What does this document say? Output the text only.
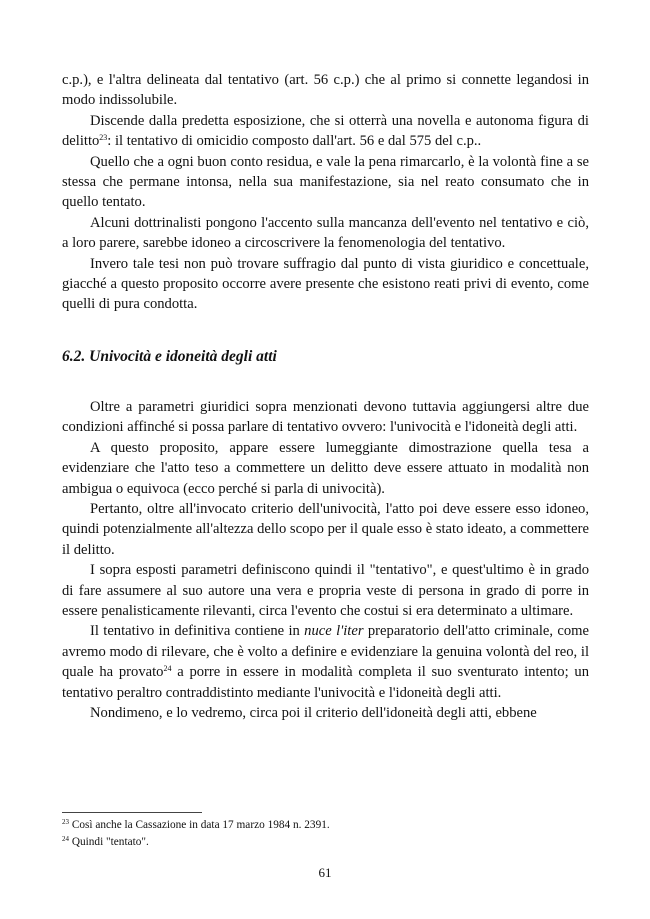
c.p.), e l'altra delineata dal tentativo (art. 56 c.p.) che al primo si connette legandosi in modo indissolubile.

Discende dalla predetta esposizione, che si otterrà una novella e autonoma figura di delitto$^{23}$: il tentativo di omicidio composto dall'art. 56 e dal 575 del c.p..

Quello che a ogni buon conto residua, e vale la pena rimarcarlo, è la volontà fine a se stessa che permane intonsa, nella sua manifestazione, sia nel reato consumato che in quello tentato.

Alcuni dottrinalisti pongono l'accento sulla mancanza dell'evento nel tentativo e ciò, a loro parere, sarebbe idoneo a circoscrivere la fenomenologia del tentativo.

Invero tale tesi non può trovare suffragio dal punto di vista giuridico e concettuale, giacché a questo proposito occorre avere presente che esistono reati privi di evento, come quelli di pura condotta.

6.2. Univocità e idoneità degli atti

Oltre a parametri giuridici sopra menzionati devono tuttavia aggiungersi altre due condizioni affinché si possa parlare di tentativo ovvero: l'univocità e l'idoneità degli atti.

A questo proposito, appare essere lumeggiante dimostrazione quella tesa a evidenziare che l'atto teso a commettere un delitto deve essere attuato in modalità non ambigua o equivoca (ecco perché si parla di univocità).

Pertanto, oltre all'invocato criterio dell'univocità, l'atto poi deve essere esso idoneo, quindi potenzialmente all'altezza dello scopo per il quale esso è stato ideato, a commettere il delitto.

I sopra esposti parametri definiscono quindi il "tentativo", e quest'ultimo è in grado di fare assumere al suo autore una vera e propria veste di persona in grado di porre in essere penalisticamente rilevanti, circa l'evento che costui si era determinato a ultimare.

Il tentativo in definitiva contiene in nuce l'iter preparatorio dell'atto criminale, come avremo modo di rilevare, che è volto a definire e evidenziare la genuina volontà del reo, il quale ha provato$^{24}$ a porre in essere in modalità completa il suo sventurato intento; un tentativo peraltro contraddistinto mediante l'univocità e l'idoneità degli atti.

Nondimeno, e lo vedremo, circa poi il criterio dell'idoneità degli atti, ebbene

$^{23}$ Così anche la Cassazione in data 17 marzo 1984 n. 2391.

$^{24}$ Quindi "tentato".

61
